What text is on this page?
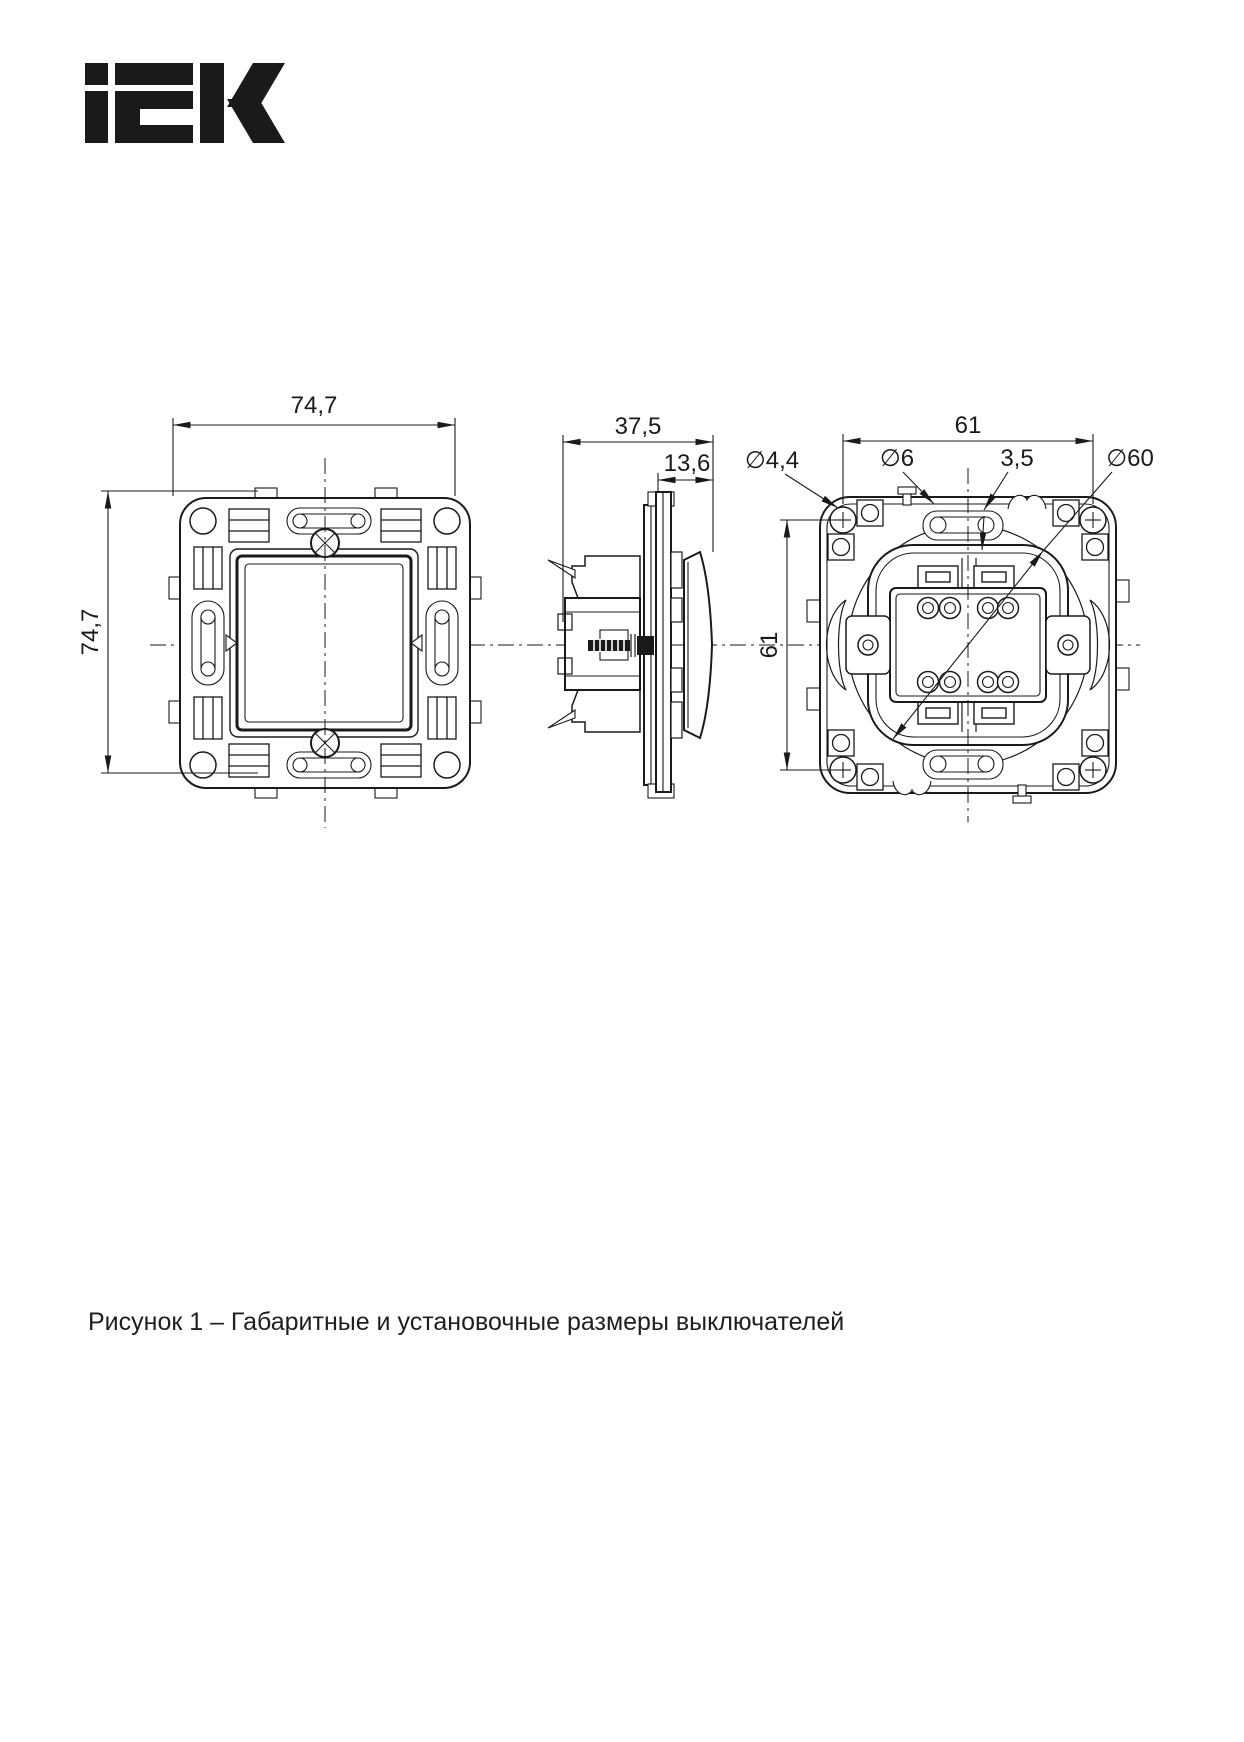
74,7
74,7
37,5
13,6
61
61
∅4,4	∅6	3,5	∅60
Рисунок 1 – Габаритные и установочные размеры выключателей
